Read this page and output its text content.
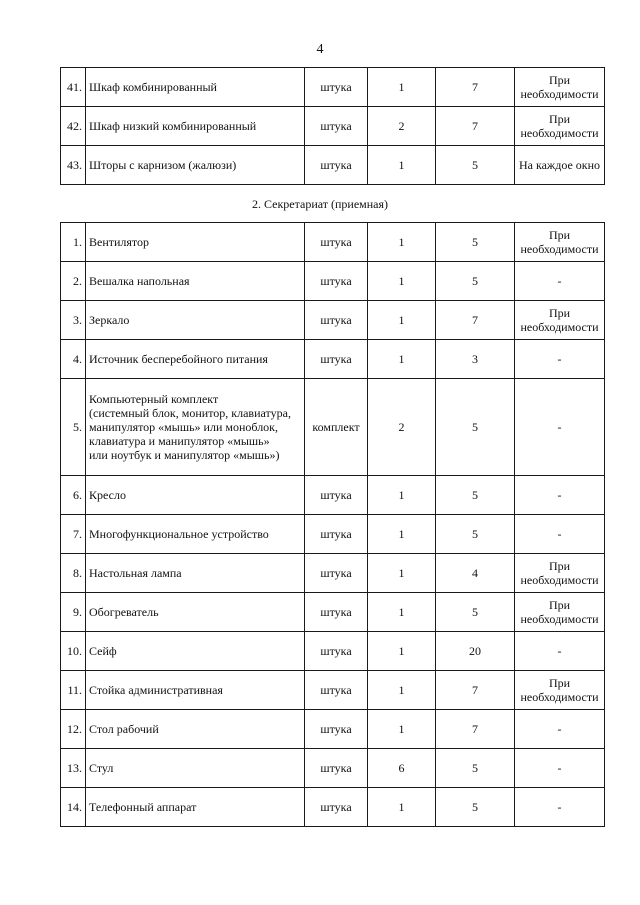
4
41.	Шкаф комбинированный	штука	1	7	При
необходимости

42.	Шкаф низкий комбинированный	штука	2	7	При
необходимости

43.	Шторы с карнизом (жалюзи)	штука	1	5	На каждое окно
2. Секретариат (приемная)
1.	Вентилятор	штука	1	5	При
необходимости

2.	Вешалка напольная	штука	1	5	-

3.	Зеркало	штука	1	7	При
необходимости

4.	Источник бесперебойного питания	штука	1	3	-

5.	Компьютерный комплект
(системный блок, монитор, клавиатура,
манипулятор «мышь» или моноблок,
клавиатура и манипулятор «мышь»
или ноутбук и манипулятор «мышь»)	комплект	2	5	-

6.	Кресло	штука	1	5	-

7.	Многофункциональное устройство	штука	1	5	-

8.	Настольная лампа	штука	1	4	При
необходимости

9.	Обогреватель	штука	1	5	При
необходимости

10.	Сейф	штука	1	20	-

11.	Стойка административная	штука	1	7	При
необходимости

12.	Стол рабочий	штука	1	7	-

13.	Стул	штука	6	5	-

14.	Телефонный аппарат	штука	1	5	-
